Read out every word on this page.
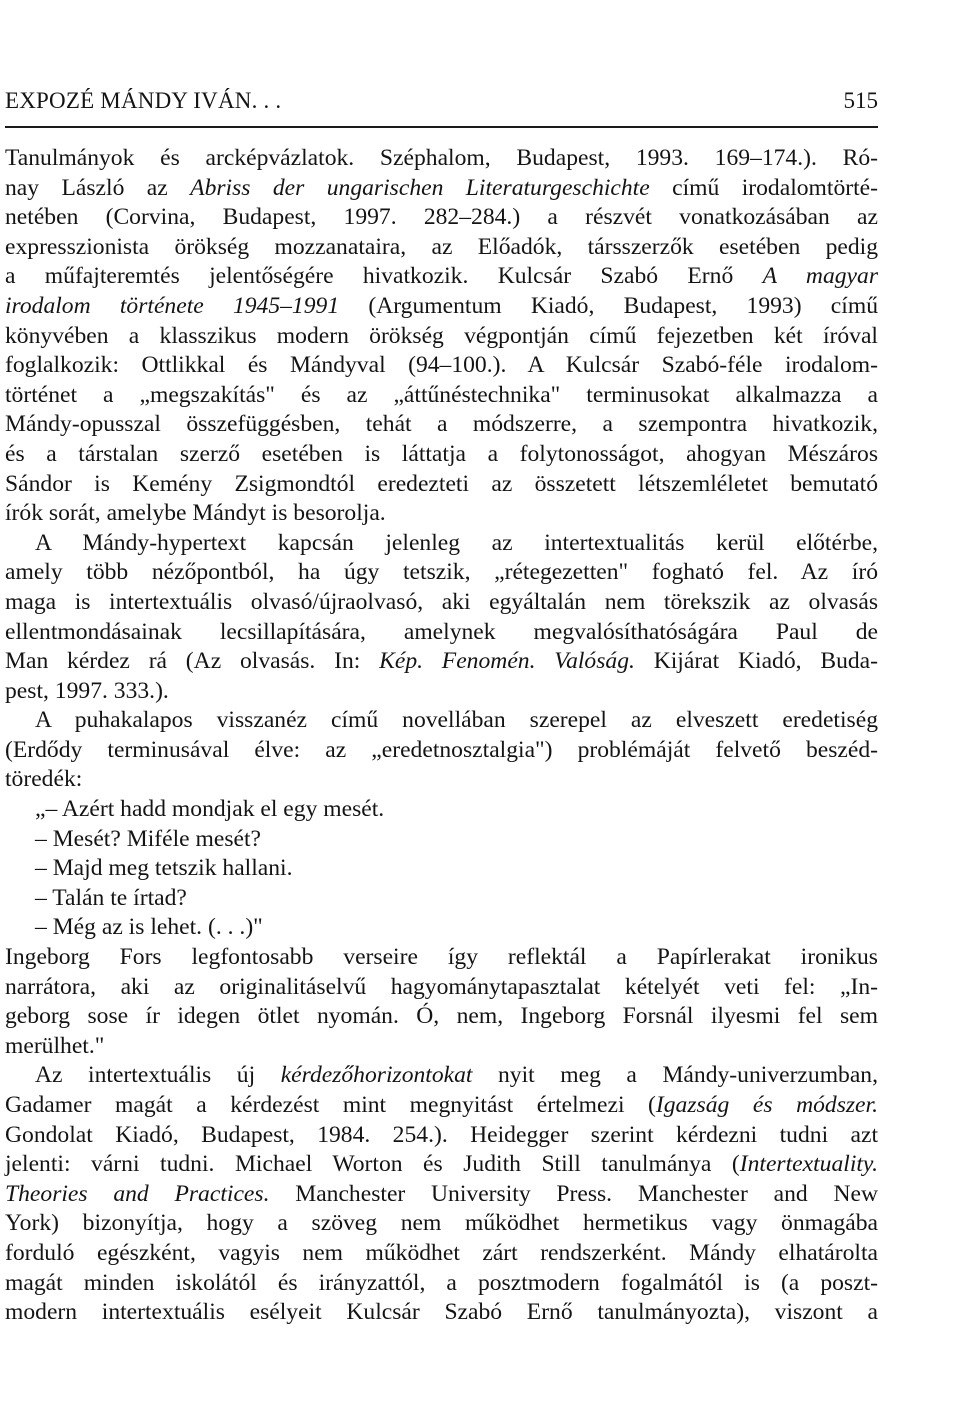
EXPOZÉ MÁNDY IVÁN. . .	515
Tanulmányok és arcképvázlatok. Széphalom, Budapest, 1993. 169–174.). Ró-
nay László az Abriss der ungarischen Literaturgeschichte című irodalomtörté-
netében (Corvina, Budapest, 1997. 282–284.) a részvét vonatkozásában az
expresszionista örökség mozzanataira, az Előadók, társszerzők esetében pedig
a műfajteremtés jelentőségére hivatkozik. Kulcsár Szabó Ernő A magyar
irodalom története 1945–1991 (Argumentum Kiadó, Budapest, 1993) című
könyvében a klasszikus modern örökség végpontján című fejezetben két íróval
foglalkozik: Ottlikkal és Mándyval (94–100.). A Kulcsár Szabó-féle irodalom-
történet a „megszakítás" és az „áttűnéstechnika" terminusokat alkalmazza a
Mándy-opusszal összefüggésben, tehát a módszerre, a szempontra hivatkozik,
és a társtalan szerző esetében is láttatja a folytonosságot, ahogyan Mészáros
Sándor is Kemény Zsigmondtól eredezteti az összetett létszemléletet bemutató
írók sorát, amelybe Mándyt is besorolja.
A Mándy-hypertext kapcsán jelenleg az intertextualitás kerül előtérbe,
amely több nézőpontból, ha úgy tetszik, „rétegezetten" fogható fel. Az író
maga is intertextuális olvasó/újraolvasó, aki egyáltalán nem törekszik az olvasás
ellentmondásainak lecsillapítására, amelynek megvalósíthatóságára Paul de
Man kérdez rá (Az olvasás. In: Kép. Fenomén. Valóság. Kijárat Kiadó, Buda-
pest, 1997. 333.).
A puhakalapos visszanéz című novellában szerepel az elveszett eredetiség
(Erdődy terminusával élve: az „eredetnosztalgia") problémáját felvető beszéd-
töredék:
„– Azért hadd mondjak el egy mesét.
– Mesét? Miféle mesét?
– Majd meg tetszik hallani.
– Talán te írtad?
– Még az is lehet. (. . .)"
Ingeborg Fors legfontosabb verseire így reflektál a Papírlerakat ironikus
narrátora, aki az originalitáselvű hagyománytapasztalat kételyét veti fel: „In-
geborg sose ír idegen ötlet nyomán. Ó, nem, Ingeborg Forsnál ilyesmi fel sem
merülhet."
Az intertextuális új kérdezőhorizontokat nyit meg a Mándy-univerzumban,
Gadamer magát a kérdezést mint megnyitást értelmezi (Igazság és módszer.
Gondolat Kiadó, Budapest, 1984. 254.). Heidegger szerint kérdezni tudni azt
jelenti: várni tudni. Michael Worton és Judith Still tanulmánya (Intertextuality.
Theories and Practices. Manchester University Press. Manchester and New
York) bizonyítja, hogy a szöveg nem működhet hermetikus vagy önmagába
forduló egészként, vagyis nem működhet zárt rendszerként. Mándy elhatárolta
magát minden iskolától és irányzattól, a posztmodern fogalmától is (a poszt-
modern intertextuális esélyeit Kulcsár Szabó Ernő tanulmányozta), viszont a
